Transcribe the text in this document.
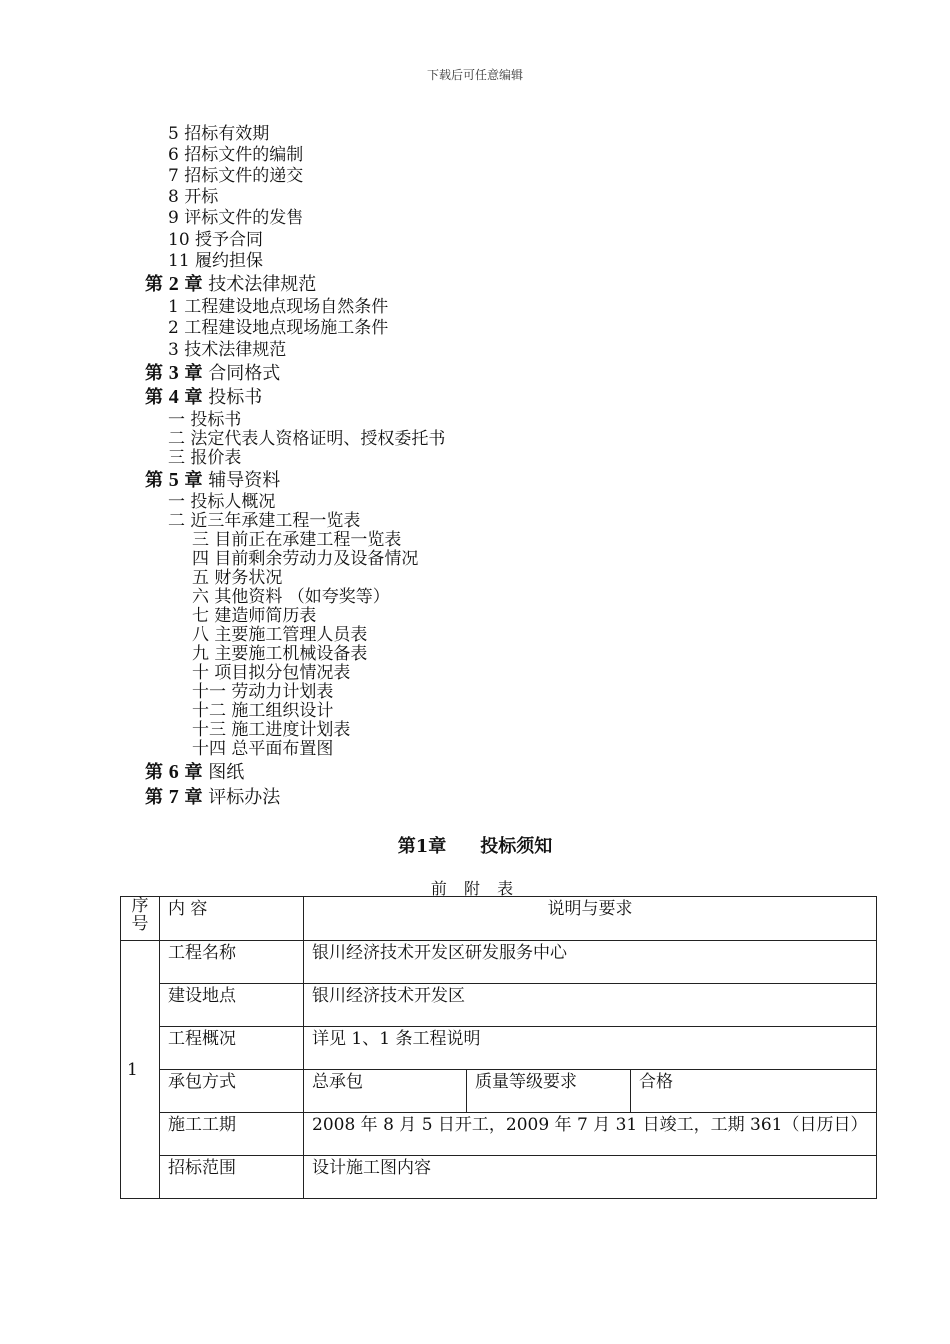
下载后可任意编辑
5 招标有效期
6 招标文件的编制
7 招标文件的递交
8 开标
9 评标文件的发售
10 授予合同
11 履约担保
第 2 章 技术法律规范
1 工程建设地点现场自然条件
2 工程建设地点现场施工条件
3 技术法律规范
第 3 章 合同格式
第 4 章 投标书
一 投标书
二 法定代表人资格证明、授权委托书
三 报价表
第 5 章 辅导资料
一 投标人概况
二 近三年承建工程一览表
三 目前正在承建工程一览表
四 目前剩余劳动力及设备情况
五 财务状况
六 其他资料 （如夸奖等）
七 建造师简历表
八 主要施工管理人员表
九 主要施工机械设备表
十 项目拟分包情况表
十一 劳动力计划表
十二 施工组织设计
十三 施工进度计划表
十四 总平面布置图
第 6 章 图纸
第 7 章 评标办法
第1章 投标须知
前 附 表
序号	内 容	说明与要求		
1	工程名称	银川经济技术开发区研发服务中心		
	建设地点	银川经济技术开发区		
	工程概况	详见 1、1 条工程说明		
	承包方式	总承包	质量等级要求	合格
	施工工期	2008 年 8 月 5 日开工，2009 年 7 月 31 日竣工，工期 361（日历日）		
	招标范围	设计施工图内容		
